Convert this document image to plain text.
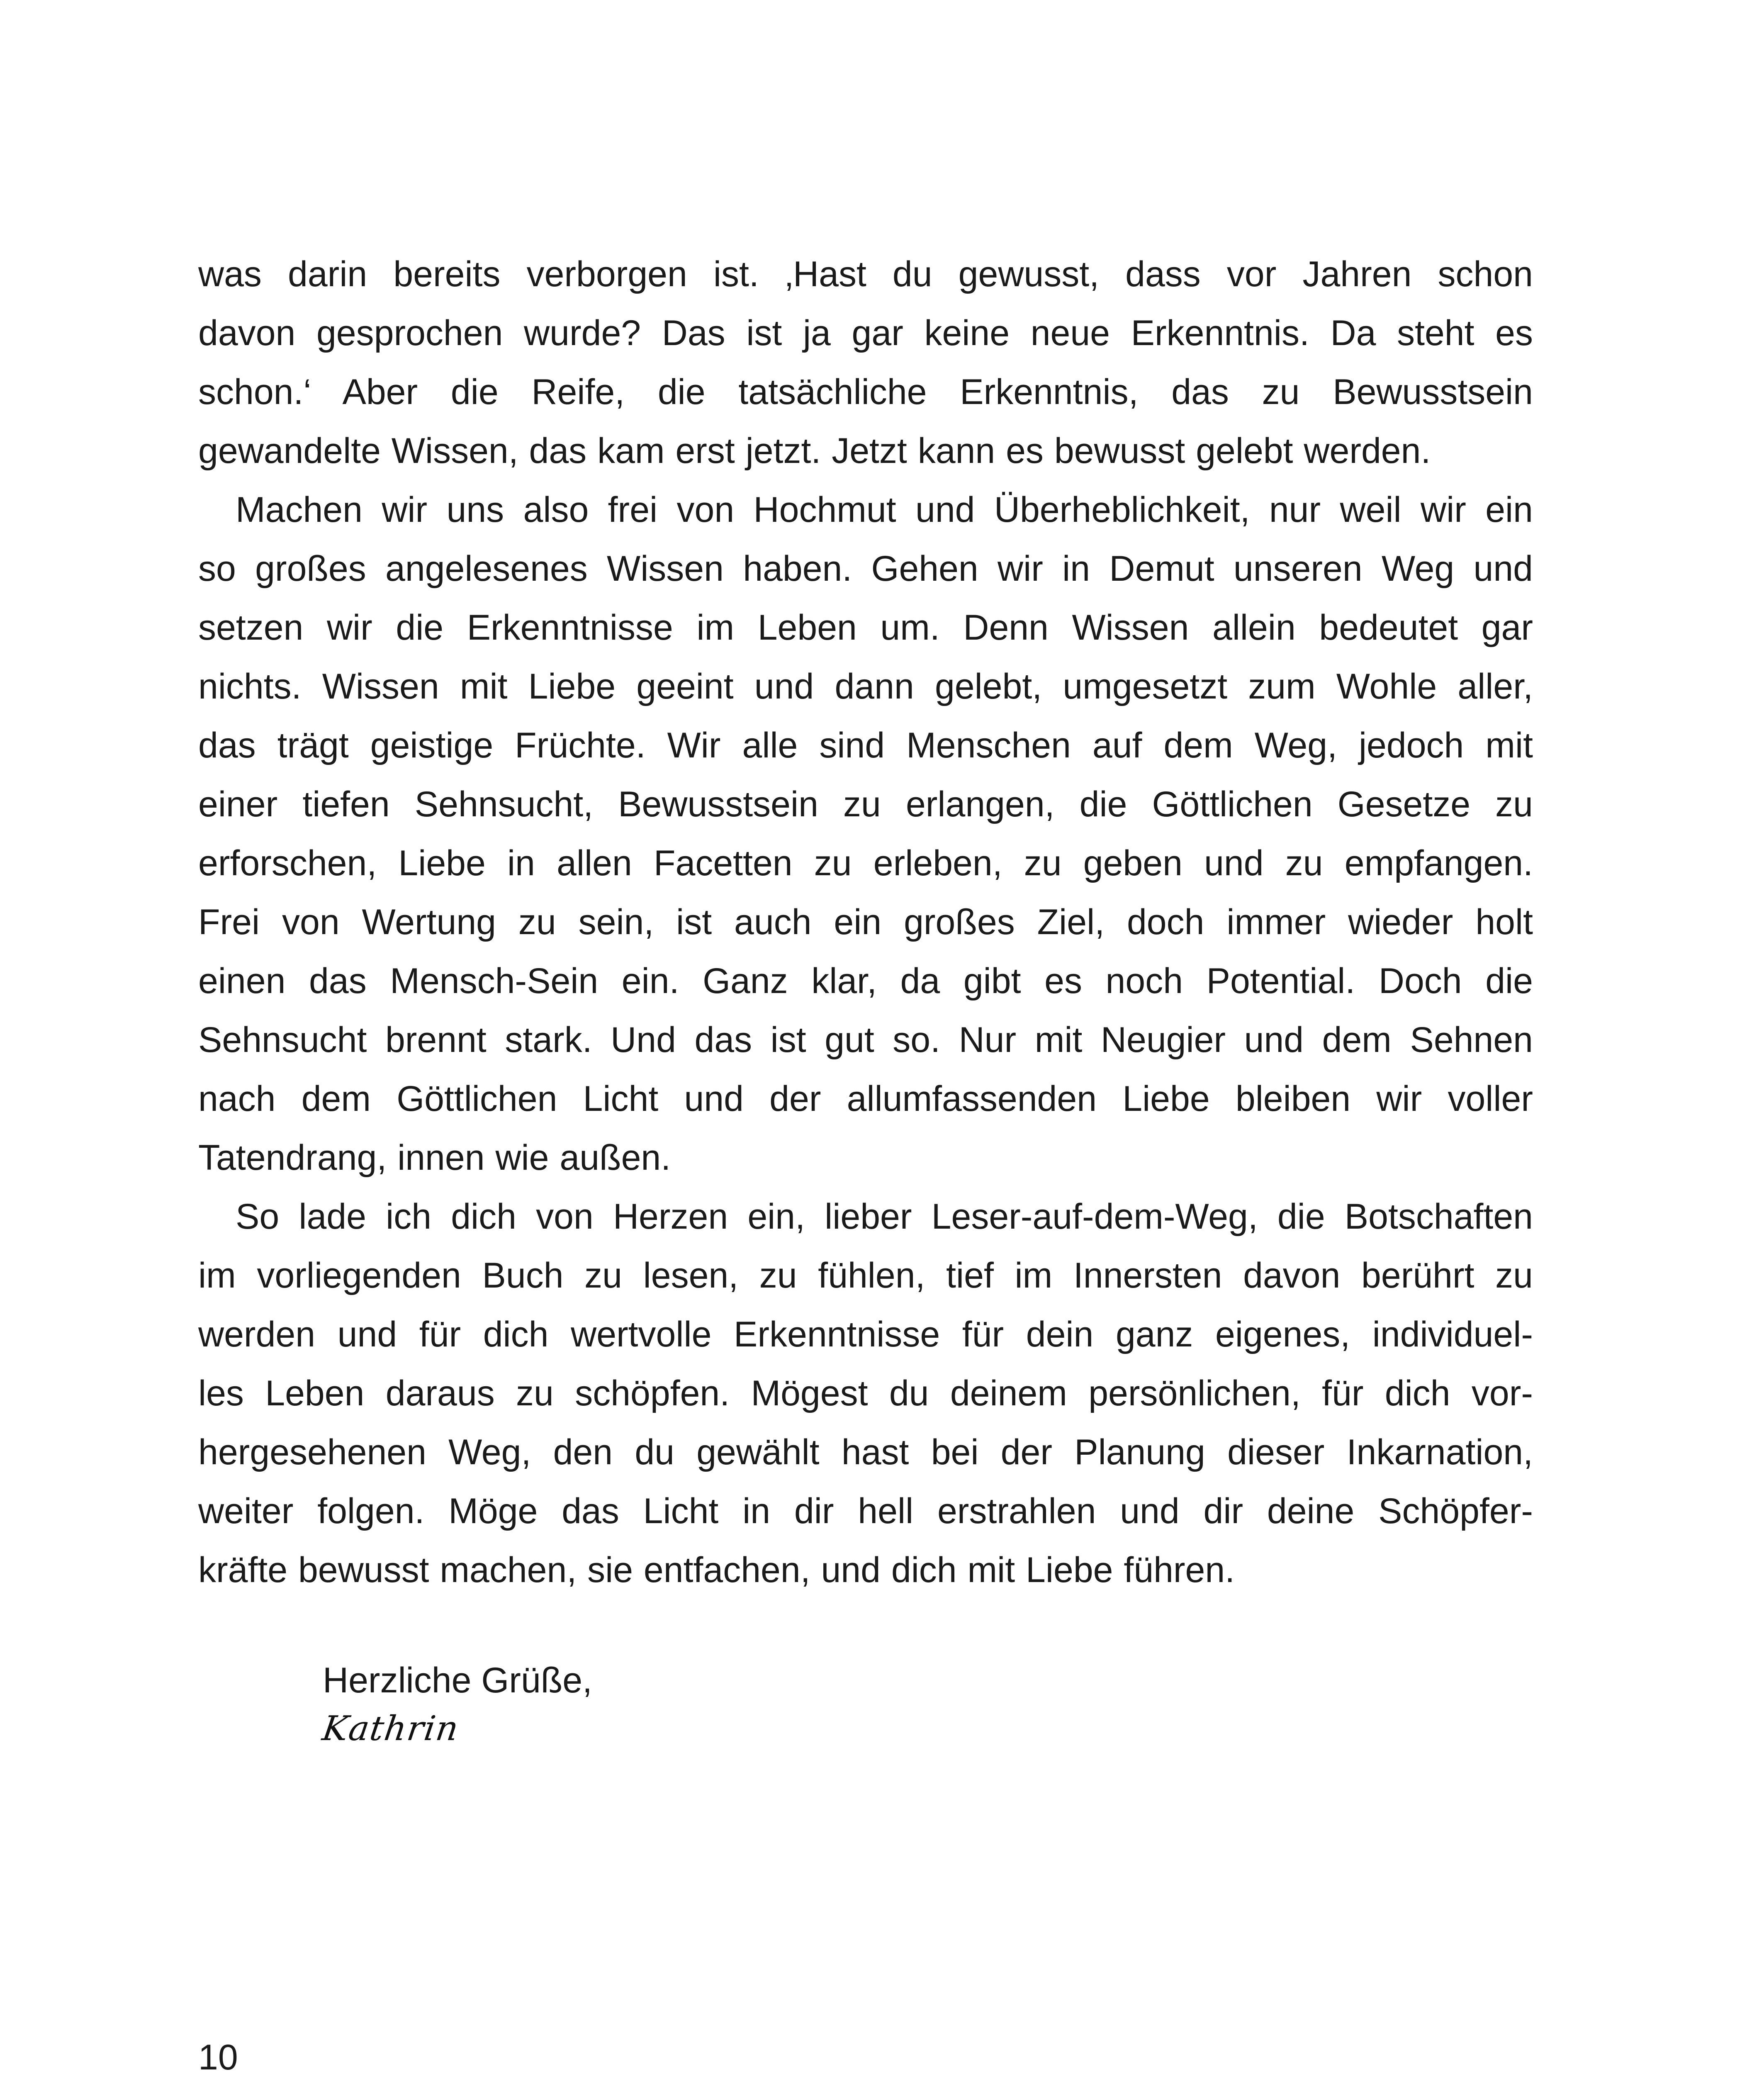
was darin bereits verborgen ist. ‚Hast du gewusst, dass vor Jahren schon
davon gesprochen wurde? Das ist ja gar keine neue Erkenntnis. Da steht es
schon.‘ Aber die Reife, die tatsächliche Erkenntnis, das zu Bewusstsein
gewandelte Wissen, das kam erst jetzt. Jetzt kann es bewusst gelebt werden.

Machen wir uns also frei von Hochmut und Überheblichkeit, nur weil wir ein
so großes angelesenes Wissen haben. Gehen wir in Demut unseren Weg und
setzen wir die Erkenntnisse im Leben um. Denn Wissen allein bedeutet gar
nichts. Wissen mit Liebe geeint und dann gelebt, umgesetzt zum Wohle aller,
das trägt geistige Früchte. Wir alle sind Menschen auf dem Weg, jedoch mit
einer tiefen Sehnsucht, Bewusstsein zu erlangen, die Göttlichen Gesetze zu
erforschen, Liebe in allen Facetten zu erleben, zu geben und zu empfangen.
Frei von Wertung zu sein, ist auch ein großes Ziel, doch immer wieder holt
einen das Mensch-Sein ein. Ganz klar, da gibt es noch Potential. Doch die
Sehnsucht brennt stark. Und das ist gut so. Nur mit Neugier und dem Sehnen
nach dem Göttlichen Licht und der allumfassenden Liebe bleiben wir voller
Tatendrang, innen wie außen.

So lade ich dich von Herzen ein, lieber Leser-auf-dem-Weg, die Botschaften
im vorliegenden Buch zu lesen, zu fühlen, tief im Innersten davon berührt zu
werden und für dich wertvolle Erkenntnisse für dein ganz eigenes, individuel-
les Leben daraus zu schöpfen. Mögest du deinem persönlichen, für dich vor-
hergesehenen Weg, den du gewählt hast bei der Planung dieser Inkarnation,
weiter folgen. Möge das Licht in dir hell erstrahlen und dir deine Schöpfer-
kräfte bewusst machen, sie entfachen, und dich mit Liebe führen.

Herzliche Grüße,
Kathrin
10
